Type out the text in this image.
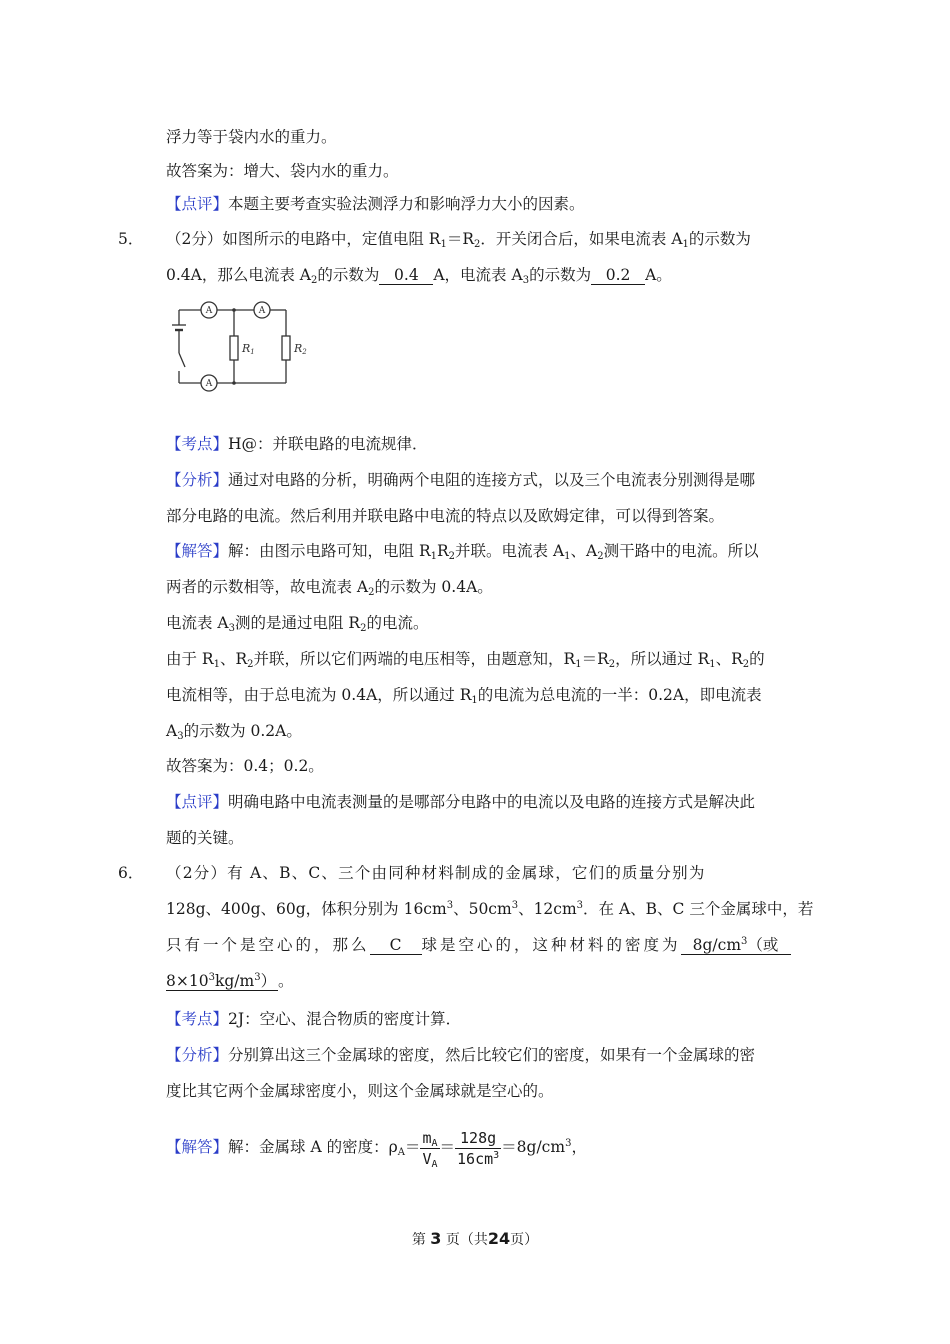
浮力等于袋内水的重力。
故答案为：增大、袋内水的重力。
【点评】本题主要考查实验法测浮力和影响浮力大小的因素。
5． （2分）如图所示的电路中，定值电阻 $R_1=R_2$．开关闭合后，如果电流表 $A_1$的示数为
0.4A，那么电流表 $A_2$的示数为 0.4 A，电流表 $A_3$的示数为 0.2 A。
A	A
A
R1	R2
【考点】H@：并联电路的电流规律．
【分析】通过对电路的分析，明确两个电阻的连接方式，以及三个电流表分别测得是哪
部分电路的电流。然后利用并联电路中电流的特点以及欧姆定律，可以得到答案。
【解答】解：由图示电路可知，电阻 $R_1R_2$并联。电流表 $A_1$、$A_2$测干路中的电流。所以
两者的示数相等，故电流表 $A_2$的示数为 0.4A。
电流表 $A_3$测的是通过电阻 $R_2$的电流。
由于 $R_1$、$R_2$并联，所以它们两端的电压相等，由题意知，$R_1=R_2$，所以通过 $R_1$、$R_2$的
电流相等，由于总电流为 0.4A，所以通过 $R_1$的电流为总电流的一半：0.2A，即电流表
$A_3$的示数为 0.2A。
故答案为：0.4；0.2。
【点评】明确电路中电流表测量的是哪部分电路中的电流以及电路的连接方式是解决此
题的关键。
6． （2分）有 A、B、C、三个由同种材料制成的金属球，它们的质量分别为
128g、400g、60g，体积分别为 $16cm^3$、$50cm^3$、$12cm^3$．在 A、B、C 三个金属球中，若
只有一个是空心的，那么 C 球是空心的，这种材料的密度为 $8g/cm^3$（或
$8\times 10^3kg/m^3$） 。
【考点】2J：空心、混合物质的密度计算．
【分析】分别算出这三个金属球的密度，然后比较它们的密度，如果有一个金属球的密
度比其它两个金属球密度小，则这个金属球就是空心的。
【解答】解：金属球 A 的密度：$\rho_A= \frac{m_A}{V_A} = \frac{128g}{16cm^3} =8g/cm^3$，
第 3 页（共24页）
